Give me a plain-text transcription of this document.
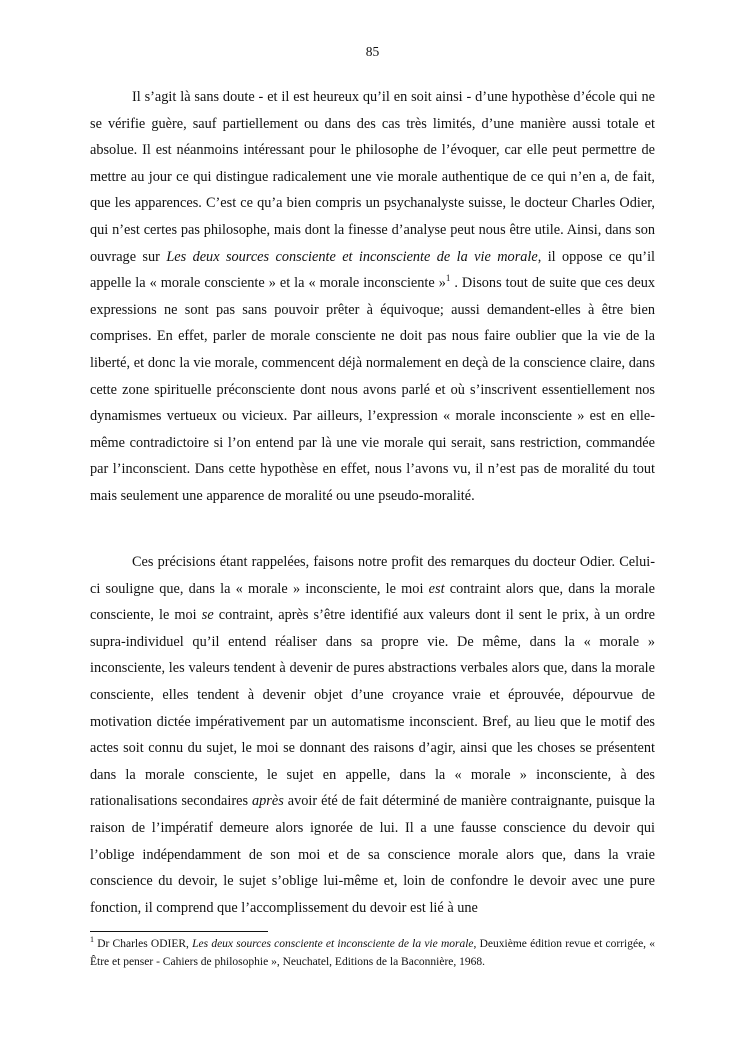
85

Il s’agit là sans doute - et il est heureux qu’il en soit ainsi - d’une hypothèse d’école qui ne se vérifie guère, sauf partiellement ou dans des cas très limités, d’une manière aussi totale et absolue. Il est néanmoins intéressant pour le philosophe de l’évoquer, car elle peut permettre de mettre au jour ce qui distingue radicalement une vie morale authentique de ce qui n’en a, de fait, que les apparences. C’est ce qu’a bien compris un psychanalyste suisse, le docteur Charles Odier, qui n’est certes pas philosophe, mais dont la finesse d’analyse peut nous être utile. Ainsi, dans son ouvrage sur Les deux sources consciente et inconsciente de la vie morale, il oppose ce qu’il appelle la « morale consciente » et la « morale inconsciente »$^1$ . Disons tout de suite que ces deux expressions ne sont pas sans pouvoir prêter à équivoque; aussi demandent-elles à être bien comprises. En effet, parler de morale consciente ne doit pas nous faire oublier que la vie de la liberté, et donc la vie morale, commencent déjà normalement en deçà de la conscience claire, dans cette zone spirituelle préconsciente dont nous avons parlé et où s’inscrivent essentiellement nos dynamismes vertueux ou vicieux. Par ailleurs, l’expression « morale inconsciente » est en elle-même contradictoire si l’on entend par là une vie morale qui serait, sans restriction, commandée par l’inconscient. Dans cette hypothèse en effet, nous l’avons vu, il n’est pas de moralité du tout mais seulement une apparence de moralité ou une pseudo-moralité.

Ces précisions étant rappelées, faisons notre profit des remarques du docteur Odier. Celui-ci souligne que, dans la « morale » inconsciente, le moi est contraint alors que, dans la morale consciente, le moi se contraint, après s’être identifié aux valeurs dont il sent le prix, à un ordre supra-individuel qu’il entend réaliser dans sa propre vie. De même, dans la « morale » inconsciente, les valeurs tendent à devenir de pures abstractions verbales alors que, dans la morale consciente, elles tendent à devenir objet d’une croyance vraie et éprouvée, dépourvue de motivation dictée impérativement par un automatisme inconscient. Bref, au lieu que le motif des actes soit connu du sujet, le moi se donnant des raisons d’agir, ainsi que les choses se présentent dans la morale consciente, le sujet en appelle, dans la « morale » inconsciente, à des rationalisations secondaires après avoir été de fait déterminé de manière contraignante, puisque la raison de l’impératif demeure alors ignorée de lui. Il a une fausse conscience du devoir qui l’oblige indépendamment de son moi et de sa conscience morale alors que, dans la vraie conscience du devoir, le sujet s’oblige lui-même et, loin de confondre le devoir avec une pure fonction, il comprend que l’accomplissement du devoir est lié à une

$^1$ Dr Charles ODIER, Les deux sources consciente et inconsciente de la vie morale, Deuxième édition revue et corrigée, « Être et penser - Cahiers de philosophie », Neuchatel, Editions de la Baconnière, 1968.
